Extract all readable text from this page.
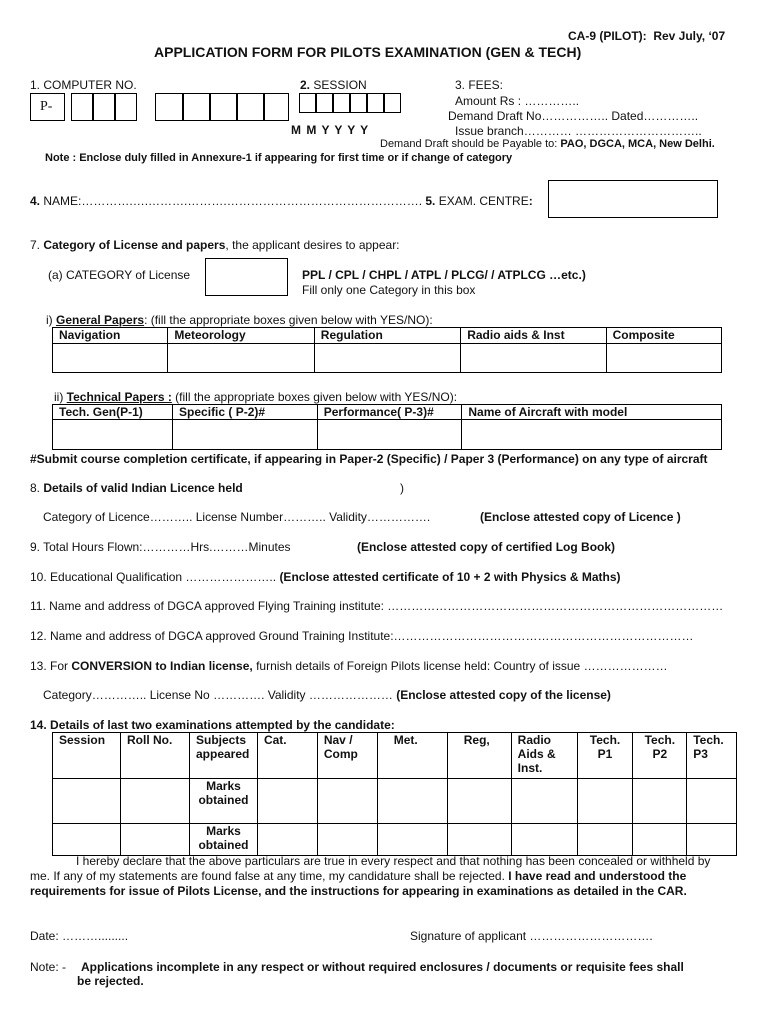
CA-9 (PILOT): Rev July, ‘07
APPLICATION FORM FOR PILOTS EXAMINATION (GEN & TECH)
1. COMPUTER NO.
P-
2. SESSION
M M Y Y Y Y
3. FEES:
Amount Rs : …………..
Demand Draft No…………….. Dated…………..
Issue branch………… …………………………..
Demand Draft should be Payable to: PAO, DGCA, MCA, New Delhi.
Note : Enclose duly filled in Annexure-1 if appearing for first time or if change of category
4. NAME:………….….……….……….…………………………………………. 5. EXAM. CENTRE:
7. Category of License and papers, the applicant desires to appear:
(a) CATEGORY of License	PPL / CPL / CHPL / ATPL / PLCG/ / ATPLCG …etc.)
Fill only one Category in this box
i) General Papers: (fill the appropriate boxes given below with YES/NO):
Navigation	Meteorology	Regulation	Radio aids & Inst	Composite

ii) Technical Papers : (fill the appropriate boxes given below with YES/NO):
Tech. Gen(P-1)	Specific ( P-2)#	Performance( P-3)#	Name of Aircraft with model

#Submit course completion certificate, if appearing in Paper-2 (Specific) / Paper 3 (Performance) on any type of aircraft
8. Details of valid Indian Licence held	)
Category of Licence……….. License Number……….. Validity…………….	(Enclose attested copy of Licence )
9. Total Hours Flown:…………Hrs.………Minutes	(Enclose attested copy of certified Log Book)
10. Educational Qualification ………………….. (Enclose attested certificate of 10 + 2 with Physics & Maths)
11. Name and address of DGCA approved Flying Training institute: …………………………………………………………………………
12. Name and address of DGCA approved Ground Training Institute:…………………………………………………………………
13. For CONVERSION to Indian license, furnish details of Foreign Pilots license held: Country of issue …………………
Category………….. License No …………. Validity ………………… (Enclose attested copy of the license)
14. Details of last two examinations attempted by the candidate:
Session	Roll No.	Subjects appeared	Cat.	Nav / Comp	Met.	Reg,	Radio Aids & Inst.	Tech. P1	Tech. P2	Tech. P3
		Marks obtained								
		Marks obtained								
I hereby declare that the above particulars are true in every respect and that nothing has been concealed or withheld by
me. If any of my statements are found false at any time, my candidature shall be rejected. I have read and understood the
requirements for issue of Pilots License, and the instructions for appearing in examinations as detailed in the CAR.
Date: ……….........	Signature of applicant ………………………….
Note: - Applications incomplete in any respect or without required enclosures / documents or requisite fees shall
be rejected.
